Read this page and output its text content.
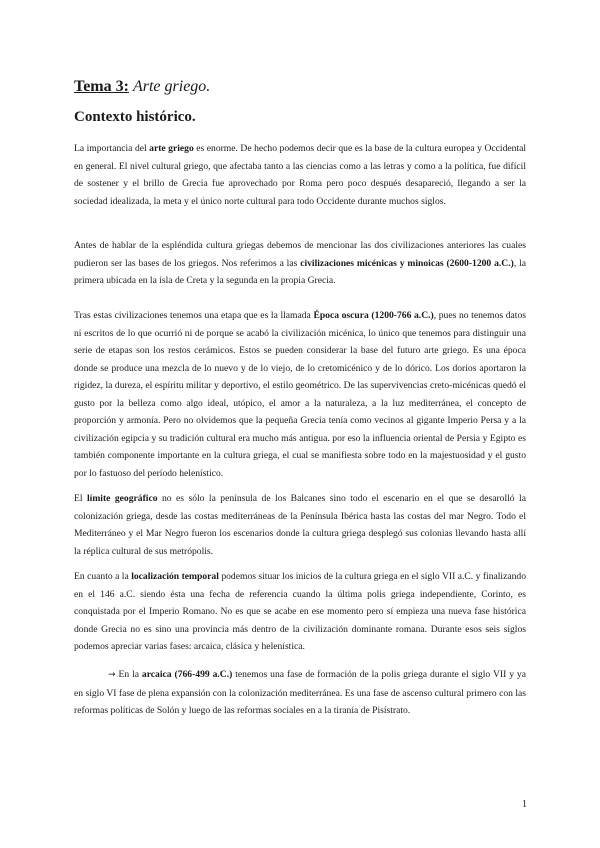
Tema 3: Arte griego.
Contexto histórico.
La importancia del arte griego es enorme. De hecho podemos decir que es la base de la cultura europea y Occidental en general. El nivel cultural griego, que afectaba tanto a las ciencias como a las letras y como a la política, fue difícil de sostener y el brillo de Grecia fue aprovechado por Roma pero poco después desapareció, llegando a ser la sociedad idealizada, la meta y el único norte cultural para todo Occidente durante muchos siglos.
Antes de hablar de la espléndida cultura griegas debemos de mencionar las dos civilizaciones anteriores las cuales pudieron ser las bases de los griegos. Nos referimos a las civilizaciones micénicas y minoicas (2600-1200 a.C.), la primera ubicada en la isla de Creta y la segunda en la propia Grecia.
Tras estas civilizaciones tenemos una etapa que es la llamada Época oscura (1200-766 a.C.), pues no tenemos datos ni escritos de lo que ocurrió ni de porque se acabó la civilización micénica, lo único que tenemos para distinguir una serie de etapas son los restos cerámicos. Estos se pueden considerar la base del futuro arte griego. Es una época donde se produce una mezcla de lo nuevo y de lo viejo, de lo cretomicénico y de lo dórico. Los dorios aportaron la rigidez, la dureza, el espíritu militar y deportivo, el estilo geométrico. De las supervivencias creto-micénicas quedó el gusto por la belleza como algo ideal, utópico, el amor a la naturaleza, a la luz mediterránea, el concepto de proporción y armonía. Pero no olvidemos que la pequeña Grecia tenía como vecinos al gigante Imperio Persa y a la civilización egipcia y su tradición cultural era mucho más antigua. por eso la influencia oriental de Persia y Egipto es también componente importante en la cultura griega, el cual se manifiesta sobre todo en la majestuosidad y el gusto por lo fastuoso del período helenístico.
El límite geográfico no es sólo la península de los Balcanes sino todo el escenario en el que se desarolló la colonización griega, desde las costas mediterráneas de la Península Ibérica hasta las costas del mar Negro. Todo el Mediterráneo y el Mar Negro fueron los escenarios donde la cultura griega desplegó sus colonias llevando hasta allí la réplica cultural de sus metrópolis.
En cuanto a la localización temporal podemos situar los inicios de la cultura griega en el siglo VII a.C. y finalizando en el 146 a.C. siendo ésta una fecha de referencia cuando la última polis griega independiente, Corinto, es conquistada por el Imperio Romano. No es que se acabe en ese momento pero sí empieza una nueva fase histórica donde Grecia no es sino una provincia más dentro de la civilización dominante romana. Durante esos seis siglos podemos apreciar varias fases: arcaica, clásica y helenística.
→ En la arcaica (766-499 a.C.) tenemos una fase de formación de la polis griega durante el siglo VII y ya en siglo VI fase de plena expansión con la colonización mediterránea. Es una fase de ascenso cultural primero con las reformas políticas de Solón y luego de las reformas sociales en a la tiranía de Pisístrato.
1
